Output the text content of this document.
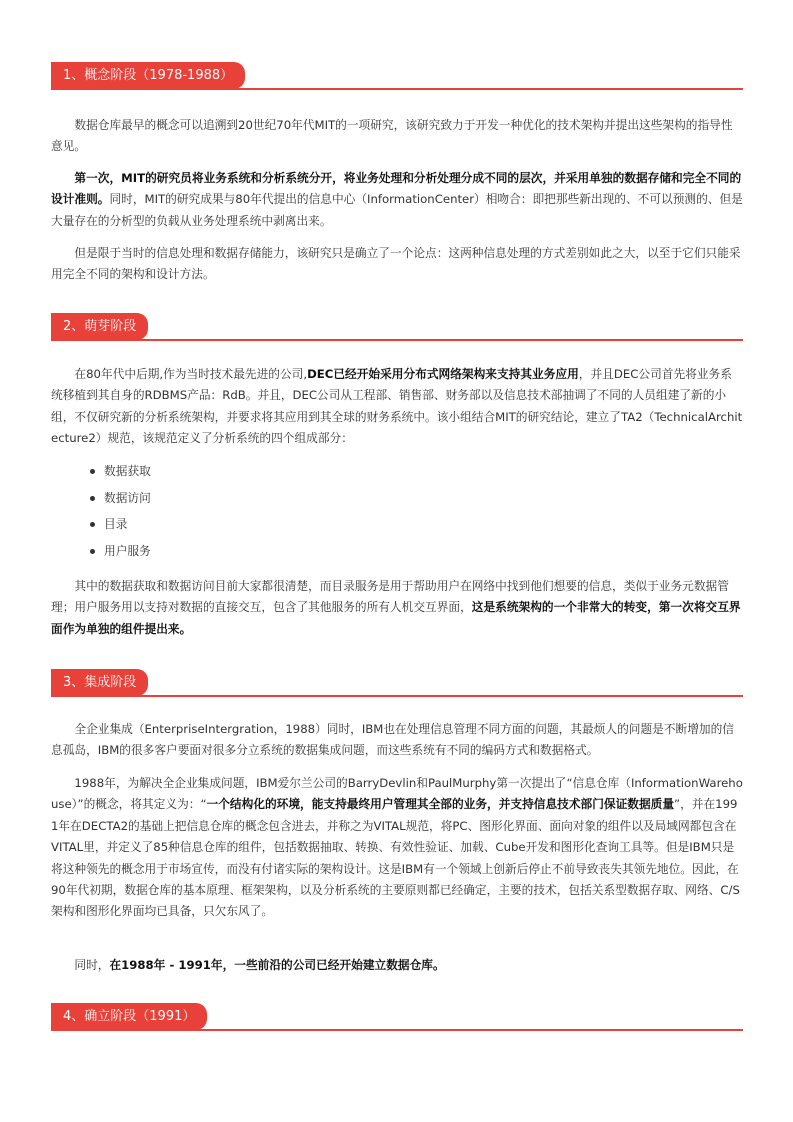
1、概念阶段（1978-1988）

数据仓库最早的概念可以追溯到20世纪70年代MIT的一项研究，该研究致力于开发一种优化的技术架构并提出这些架构的指导性意见。

第一次，MIT的研究员将业务系统和分析系统分开，将业务处理和分析处理分成不同的层次，并采用单独的数据存储和完全不同的设计准则。同时，MIT的研究成果与80年代提出的信息中心（InformationCenter）相吻合：即把那些新出现的、不可以预测的、但是大量存在的分析型的负载从业务处理系统中剥离出来。

但是限于当时的信息处理和数据存储能力，该研究只是确立了一个论点：这两种信息处理的方式差别如此之大，以至于它们只能采用完全不同的架构和设计方法。

2、萌芽阶段

在80年代中后期,作为当时技术最先进的公司,DEC已经开始采用分布式网络架构来支持其业务应用，并且DEC公司首先将业务系统移植到其自身的RDBMS产品：RdB。并且，DEC公司从工程部、销售部、财务部以及信息技术部抽调了不同的人员组建了新的小组，不仅研究新的分析系统架构，并要求将其应用到其全球的财务系统中。该小组结合MIT的研究结论，建立了TA2（TechnicalArchitecture2）规范，该规范定义了分析系统的四个组成部分：

数据获取
数据访问
目录
用户服务

其中的数据获取和数据访问目前大家都很清楚，而目录服务是用于帮助用户在网络中找到他们想要的信息，类似于业务元数据管理；用户服务用以支持对数据的直接交互，包含了其他服务的所有人机交互界面，这是系统架构的一个非常大的转变，第一次将交互界面作为单独的组件提出来。

3、集成阶段

全企业集成（EnterpriseIntergration，1988）同时，IBM也在处理信息管理不同方面的问题，其最烦人的问题是不断增加的信息孤岛，IBM的很多客户要面对很多分立系统的数据集成问题，而这些系统有不同的编码方式和数据格式。

1988年，为解决全企业集成问题，IBM爱尔兰公司的BarryDevlin和PaulMurphy第一次提出了“信息仓库（InformationWarehouse）”的概念，将其定义为：“一个结构化的环境，能支持最终用户管理其全部的业务，并支持信息技术部门保证数据质量”，并在1991年在DECTA2的基础上把信息仓库的概念包含进去，并称之为VITAL规范，将PC、图形化界面、面向对象的组件以及局域网都包含在VITAL里，并定义了85种信息仓库的组件，包括数据抽取、转换、有效性验证、加载、Cube开发和图形化查询工具等。但是IBM只是将这种领先的概念用于市场宣传，而没有付诸实际的架构设计。这是IBM有一个领域上创新后停止不前导致丧失其领先地位。因此，在90年代初期，数据仓库的基本原理、框架架构，以及分析系统的主要原则都已经确定，主要的技术，包括关系型数据存取、网络、C/S架构和图形化界面均已具备，只欠东风了。

同时，在1988年 - 1991年，一些前沿的公司已经开始建立数据仓库。

4、确立阶段（1991）
